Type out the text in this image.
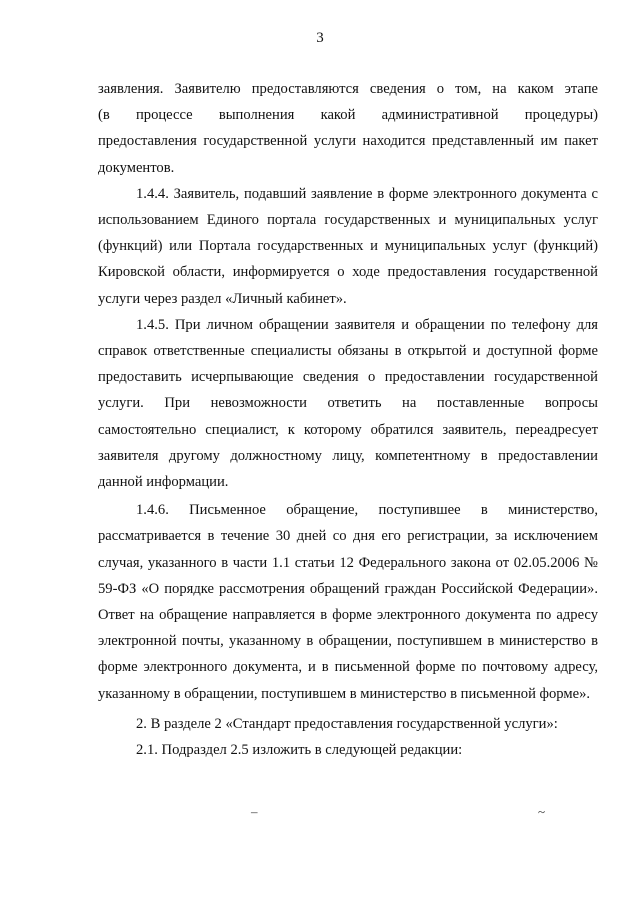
3

заявления. Заявителю предоставляются сведения о том, на каком этапе
(в процессе выполнения какой административной процедуры)
предоставления государственной услуги находится представленный им пакет документов.

1.4.4. Заявитель, подавший заявление в форме электронного документа с использованием Единого портала государственных и муниципальных услуг (функций) или Портала государственных и муниципальных услуг (функций) Кировской области, информируется о ходе предоставления государственной услуги через раздел «Личный кабинет».

1.4.5. При личном обращении заявителя и обращении по телефону для справок ответственные специалисты обязаны в открытой и доступной форме предоставить исчерпывающие сведения о предоставлении государственной услуги. При невозможности ответить на поставленные вопросы самостоятельно специалист, к которому обратился заявитель, переадресует заявителя другому должностному лицу, компетентному в предоставлении данной информации.

1.4.6. Письменное обращение, поступившее в министерство, рассматривается в течение 30 дней со дня его регистрации, за исключением случая, указанного в части 1.1 статьи 12 Федерального закона от 02.05.2006 № 59-ФЗ «О порядке рассмотрения обращений граждан Российской Федерации». Ответ на обращение направляется в форме электронного документа по адресу электронной почты, указанному в обращении, поступившем в министерство в форме электронного документа, и в письменной форме по почтовому адресу, указанному в обращении, поступившем в министерство в письменной форме».

2. В разделе 2 «Стандарт предоставления государственной услуги»:

2.1. Подраздел 2.5 изложить в следующей редакции:

–	~
